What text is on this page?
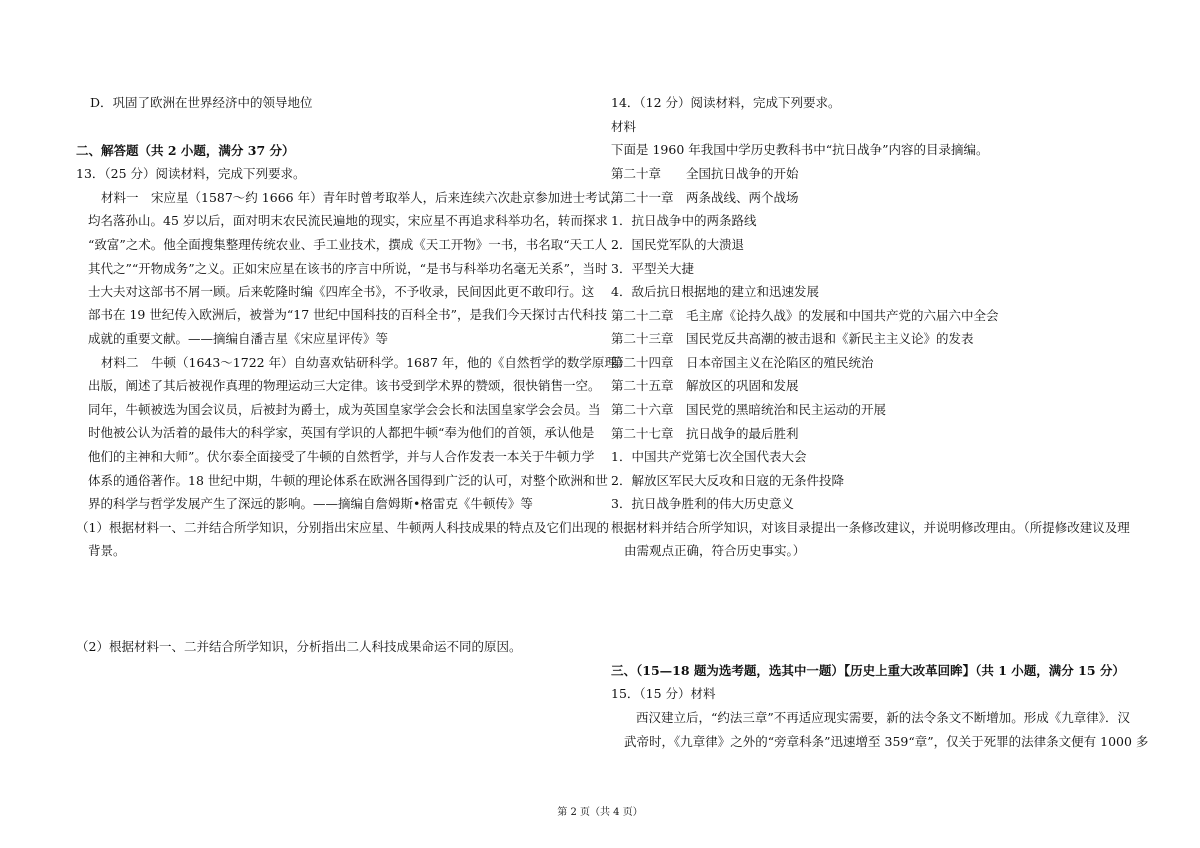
D．巩固了欧洲在世界经济中的领导地位
二、解答题（共 2 小题，满分 37 分）
13．（25 分）阅读材料，完成下列要求。
材料一　宋应星（1587～约 1666 年）青年时曾考取举人，后来连续六次赴京参加进士考试，
均名落孙山。45 岁以后，面对明末农民流民遍地的现实，宋应星不再追求科举功名，转而探求
“致富”之术。他全面搜集整理传统农业、手工业技术，撰成《天工开物》一书，书名取“天工人
其代之”“开物成务”之义。正如宋应星在该书的序言中所说，“是书与科举功名毫无关系”，当时
士大夫对这部书不屑一顾。后来乾隆时编《四库全书》，不予收录，民间因此更不敢印行。这
部书在 19 世纪传入欧洲后，被誉为“17 世纪中国科技的百科全书”，是我们今天探讨古代科技
成就的重要文献。——摘编自潘吉星《宋应星评传》等
材料二　牛顿（1643～1722 年）自幼喜欢钻研科学。1687 年，他的《自然哲学的数学原理》
出版，阐述了其后被视作真理的物理运动三大定律。该书受到学术界的赞颂，很快销售一空。
同年，牛顿被选为国会议员，后被封为爵士，成为英国皇家学会会长和法国皇家学会会员。当
时他被公认为活着的最伟大的科学家，英国有学识的人都把牛顿“奉为他们的首领，承认他是
他们的主神和大师”。伏尔泰全面接受了牛顿的自然哲学，并与人合作发表一本关于牛顿力学
体系的通俗著作。18 世纪中期，牛顿的理论体系在欧洲各国得到广泛的认可，对整个欧洲和世
界的科学与哲学发展产生了深远的影响。——摘编自詹姆斯•格雷克《牛顿传》等
（1）根据材料一、二并结合所学知识，分别指出宋应星、牛顿两人科技成果的特点及它们出现的
背景。
（2）根据材料一、二并结合所学知识，分析指出二人科技成果命运不同的原因。
14．（12 分）阅读材料，完成下列要求。
材料
下面是 1960 年我国中学历史教科书中“抗日战争”内容的目录摘编。
第二十章　　全国抗日战争的开始
第二十一章　两条战线、两个战场
1．抗日战争中的两条路线
2．国民党军队的大溃退
3．平型关大捷
4．敌后抗日根据地的建立和迅速发展
第二十二章　毛主席《论持久战》的发展和中国共产党的六届六中全会
第二十三章　国民党反共高潮的被击退和《新民主主义论》的发表
第二十四章　日本帝国主义在沦陷区的殖民统治
第二十五章　解放区的巩固和发展
第二十六章　国民党的黑暗统治和民主运动的开展
第二十七章　抗日战争的最后胜利
1．中国共产党第七次全国代表大会
2．解放区军民大反攻和日寇的无条件投降
3．抗日战争胜利的伟大历史意义
根据材料并结合所学知识，对该目录提出一条修改建议，并说明修改理由。（所提修改建议及理
由需观点正确，符合历史事实。）
三、（15—18 题为选考题，选其中一题）【历史上重大改革回眸】（共 1 小题，满分 15 分）
15．（15 分）材料
西汉建立后，“约法三章”不再适应现实需要，新的法令条文不断增加。形成《九章律》．汉
武帝时，《九章律》之外的“旁章科条”迅速增至 359“章”，仅关于死罪的法律条文便有 1000 多
第 2 页（共 4 页）
